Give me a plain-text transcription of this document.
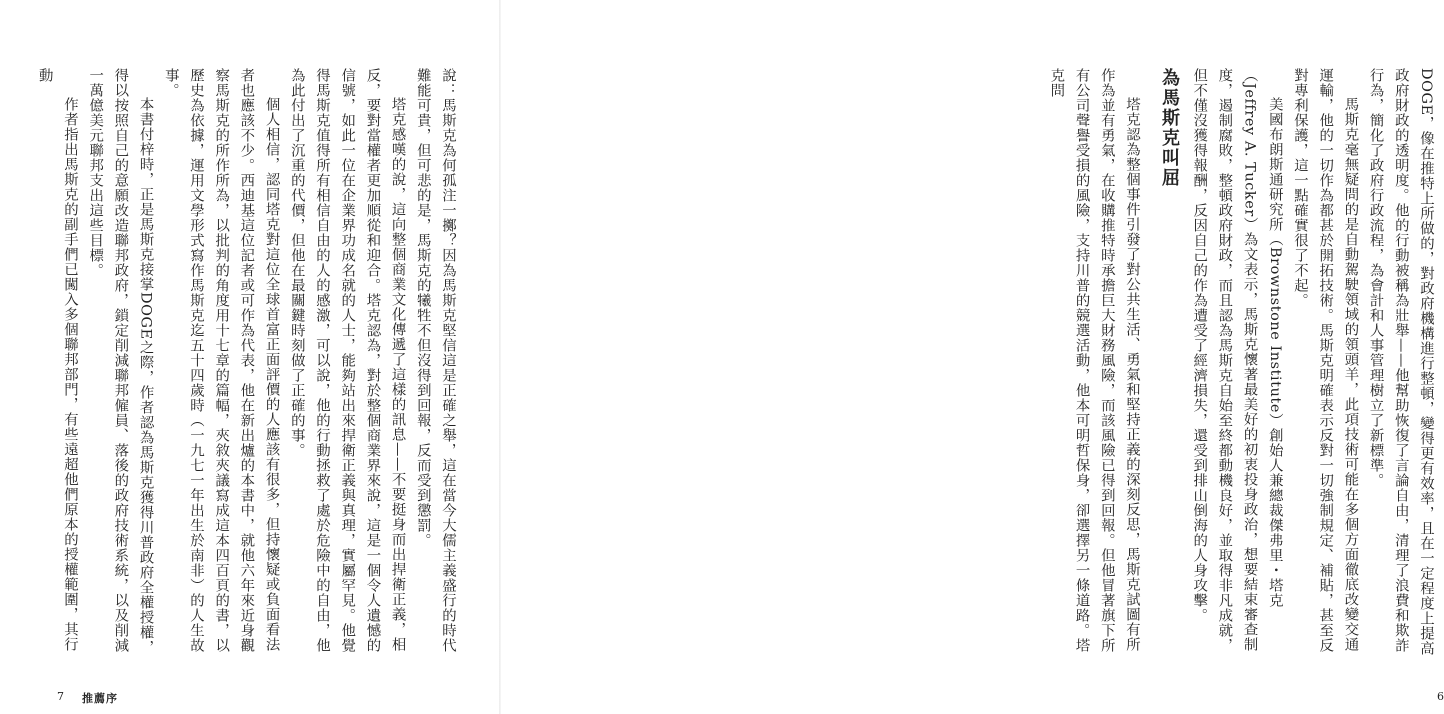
說：馬斯克為何孤注一擲？因為馬斯克堅信這是正確之舉，這在當今大儒主義盛行的時代難能可貴，但可悲的是，馬斯克的犧牲不但沒得到回報，反而受到懲罰。

塔克感嘆的說，這向整個商業文化傳遞了這樣的訊息——不要挺身而出捍衛正義，相反，要對當權者更加順從和迎合。塔克認為，對於整個商業界來說，這是一個令人遺憾的信號，如此一位在企業界功成名就的人士，能夠站出來捍衛正義與真理，實屬罕見。他覺得馬斯克值得所有相信自由的人的感激，可以說，他的行動拯救了處於危險中的自由，他為此付出了沉重的代價，但他在最關鍵時刻做了正確的事。

個人相信，認同塔克對這位全球首富正面評價的人應該有很多，但持懷疑或負面看法者也應該不少。西迪基這位記者或可作為代表，他在新出爐的本書中，就他六年來近身觀察馬斯克的所作所為，以批判的角度用十七章的篇幅，夾敘夾議寫成這本四百頁的書，以歷史為依據，運用文學形式寫作馬斯克迄五十四歲時（一九七一年出生於南非）的人生故事。

本書付梓時，正是馬斯克接掌DOGE之際，作者認為馬斯克獲得川普政府全權授權，得以按照自己的意願改造聯邦政府，鎖定削減聯邦僱員、落後的政府技術系統，以及削減一萬億美元聯邦支出這些目標。

作者指出馬斯克的副手們已闖入多個聯邦部門，有些遠超他們原本的授權範圍，其行動

7 推薦序

DOGE，像在推特上所做的，對政府機構進行整頓，變得更有效率，且在一定程度上提高政府財政的透明度。他的行動被稱為壯舉——他幫助恢復了言論自由，清理了浪費和欺詐行為，簡化了政府行政流程，為會計和人事管理樹立了新標準。

馬斯克毫無疑問的是自動駕駛領域的領頭羊，此項技術可能在多個方面徹底改變交通運輸，他的一切作為都甚於開拓技術。馬斯克明確表示反對一切強制規定、補貼，甚至反對專利保護，這一點確實很了不起。

美國布朗斯通研究所（Brownstone Institute）創始人兼總裁傑弗里・塔克（Jeffrey A. Tucker）為文表示，馬斯克懷著最美好的初衷投身政治，想要結束審查制度，遏制腐敗，整頓政府財政，而且認為馬斯克自始至終都動機良好，並取得非凡成就，但不僅沒獲得報酬，反因自己的作為遭受了經濟損失，還受到排山倒海的人身攻擊。

為馬斯克叫屈

塔克認為整個事件引發了對公共生活、勇氣和堅持正義的深刻反思，馬斯克試圖有所作為並有勇氣，在收購推特時承擔巨大財務風險，而該風險已得到回報。但他冒著旗下所有公司聲譽受損的風險，支持川普的競選活動，他本可明哲保身，卻選擇另一條道路。塔克問

6
